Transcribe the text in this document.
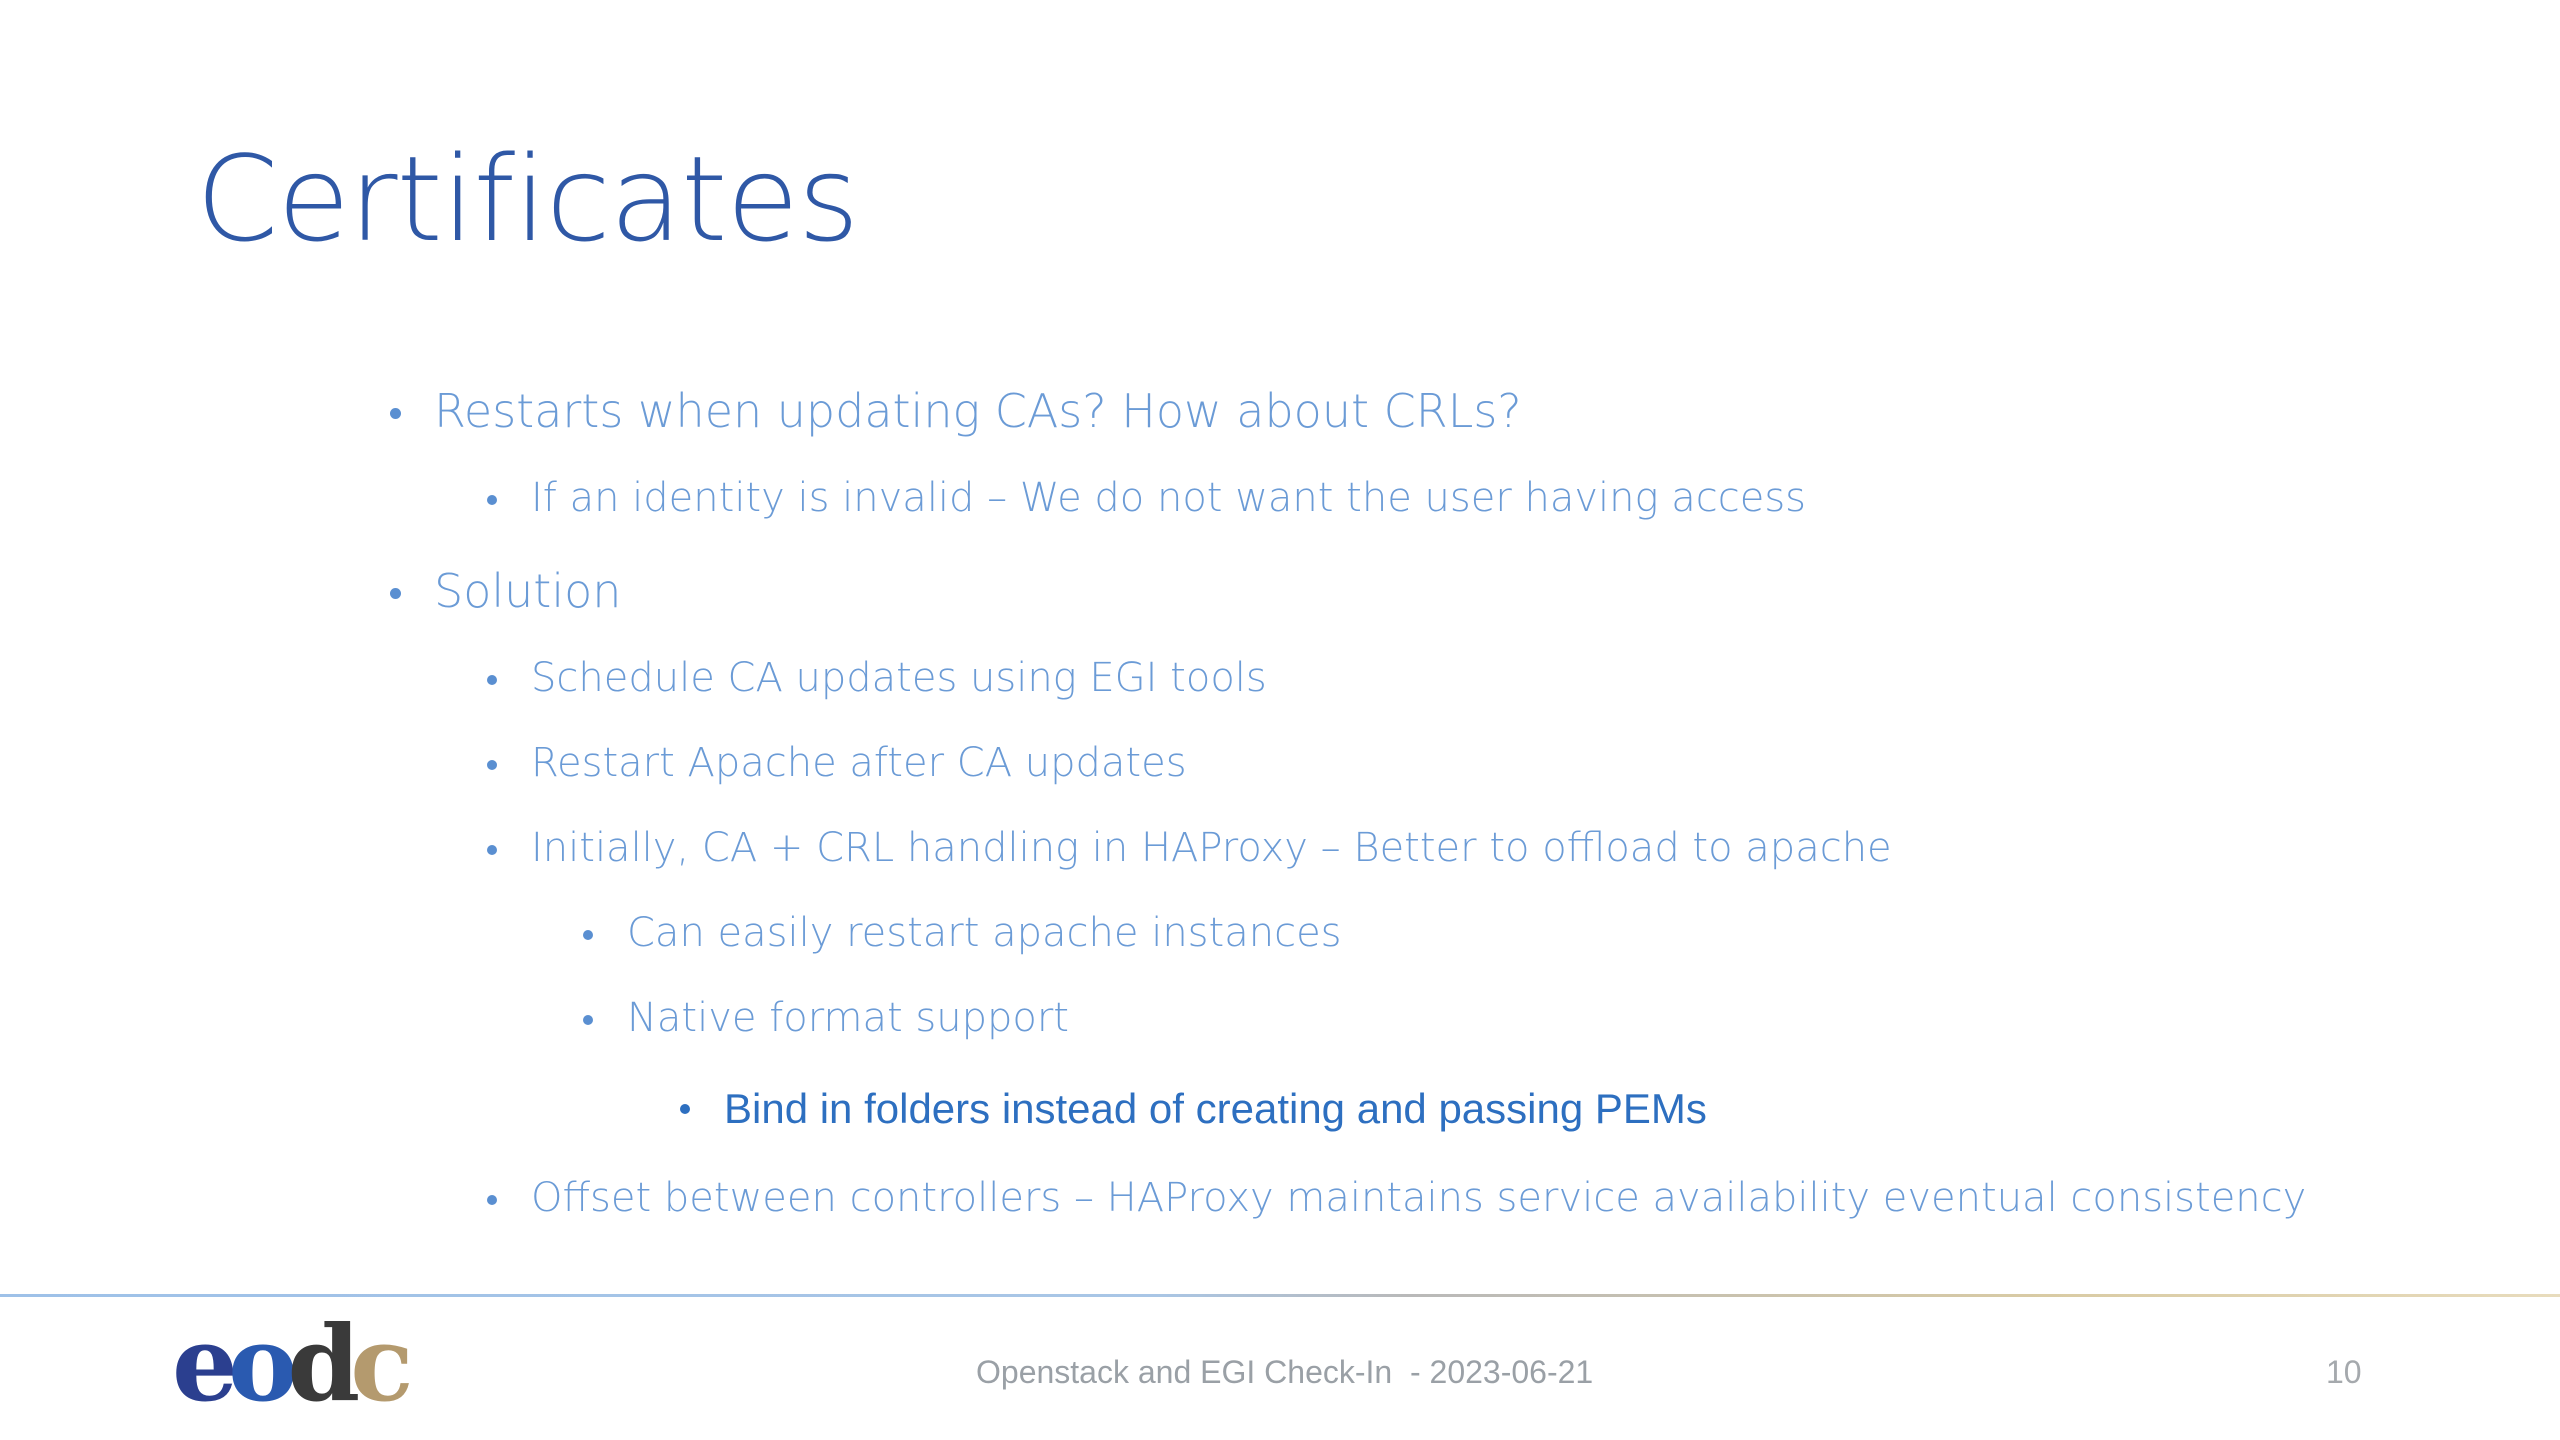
Certificates
Restarts when updating CAs? How about CRLs?
If an identity is invalid – We do not want the user having access
Solution
Schedule CA updates using EGI tools
Restart Apache after CA updates
Initially, CA + CRL handling in HAProxy – Better to offload to apache
Can easily restart apache instances
Native format support
Bind in folders instead of creating and passing PEMs
Offset between controllers – HAProxy maintains service availability eventual consistency
eodc	Openstack and EGI Check-In  - 2023-06-21	10
